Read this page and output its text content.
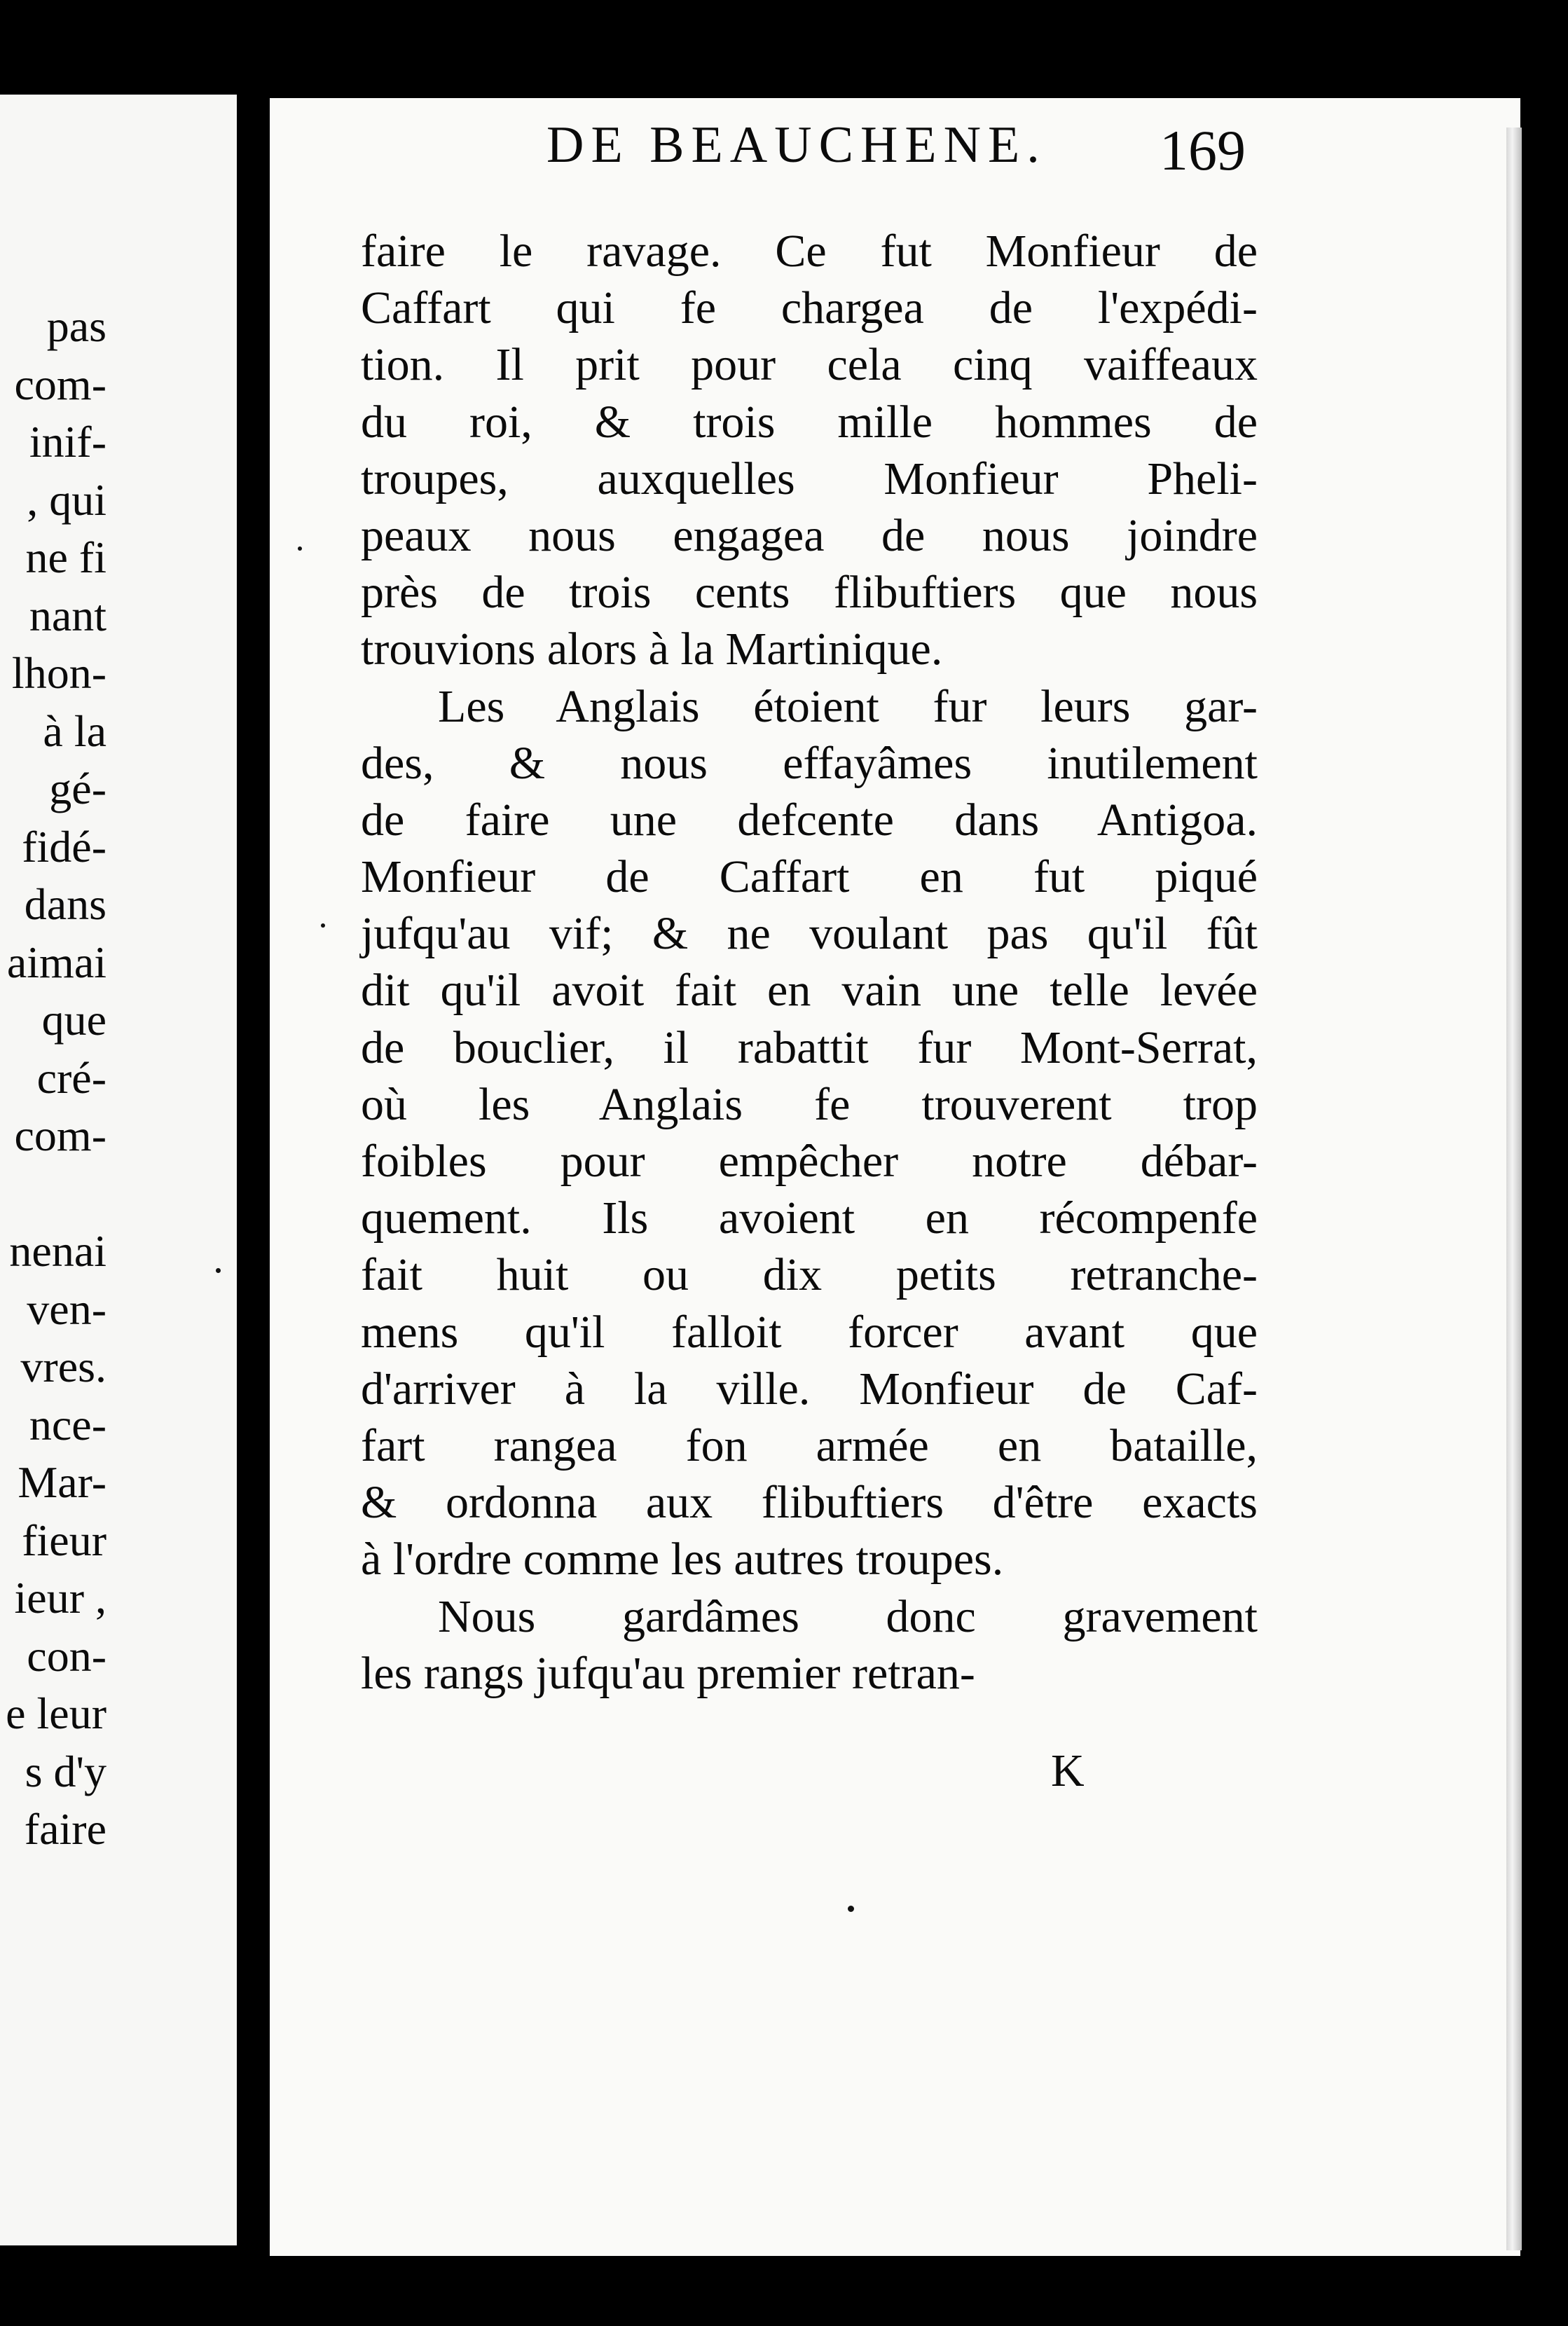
pas
com-
inif-
, qui
ne fi
nant
lhon-
à la
gé-
fidé-
dans
aimai
que
cré-
com-
nenai
ven-
vres.
nce-
Mar-
fieur
ieur ,
con-
e leur
s d'y
faire
DE BEAUCHENE.	169
faire le ravage. Ce fut Monfieur de
Caffart qui fe chargea de l'expédi-
tion. Il prit pour cela cinq vaiffeaux
du roi, & trois mille hommes de
troupes, auxquelles Monfieur Pheli-
peaux nous engagea de nous joindre
près de trois cents flibuftiers que nous
trouvions alors à la Martinique.
Les Anglais étoient fur leurs gar-
des, & nous effayâmes inutilement
de faire une defcente dans Antigoa.
Monfieur de Caffart en fut piqué
jufqu'au vif; & ne voulant pas qu'il fût
dit qu'il avoit fait en vain une telle levée
de bouclier, il rabattit fur Mont-Serrat,
où les Anglais fe trouverent trop
foibles pour empêcher notre débar-
quement. Ils avoient en récompenfe
fait huit ou dix petits retranche-
mens qu'il falloit forcer avant que
d'arriver à la ville. Monfieur de Caf-
fart rangea fon armée en bataille,
& ordonna aux flibuftiers d'être exacts
à l'ordre comme les autres troupes.
Nous gardâmes donc gravement
les rangs jufqu'au premier retran-
K
